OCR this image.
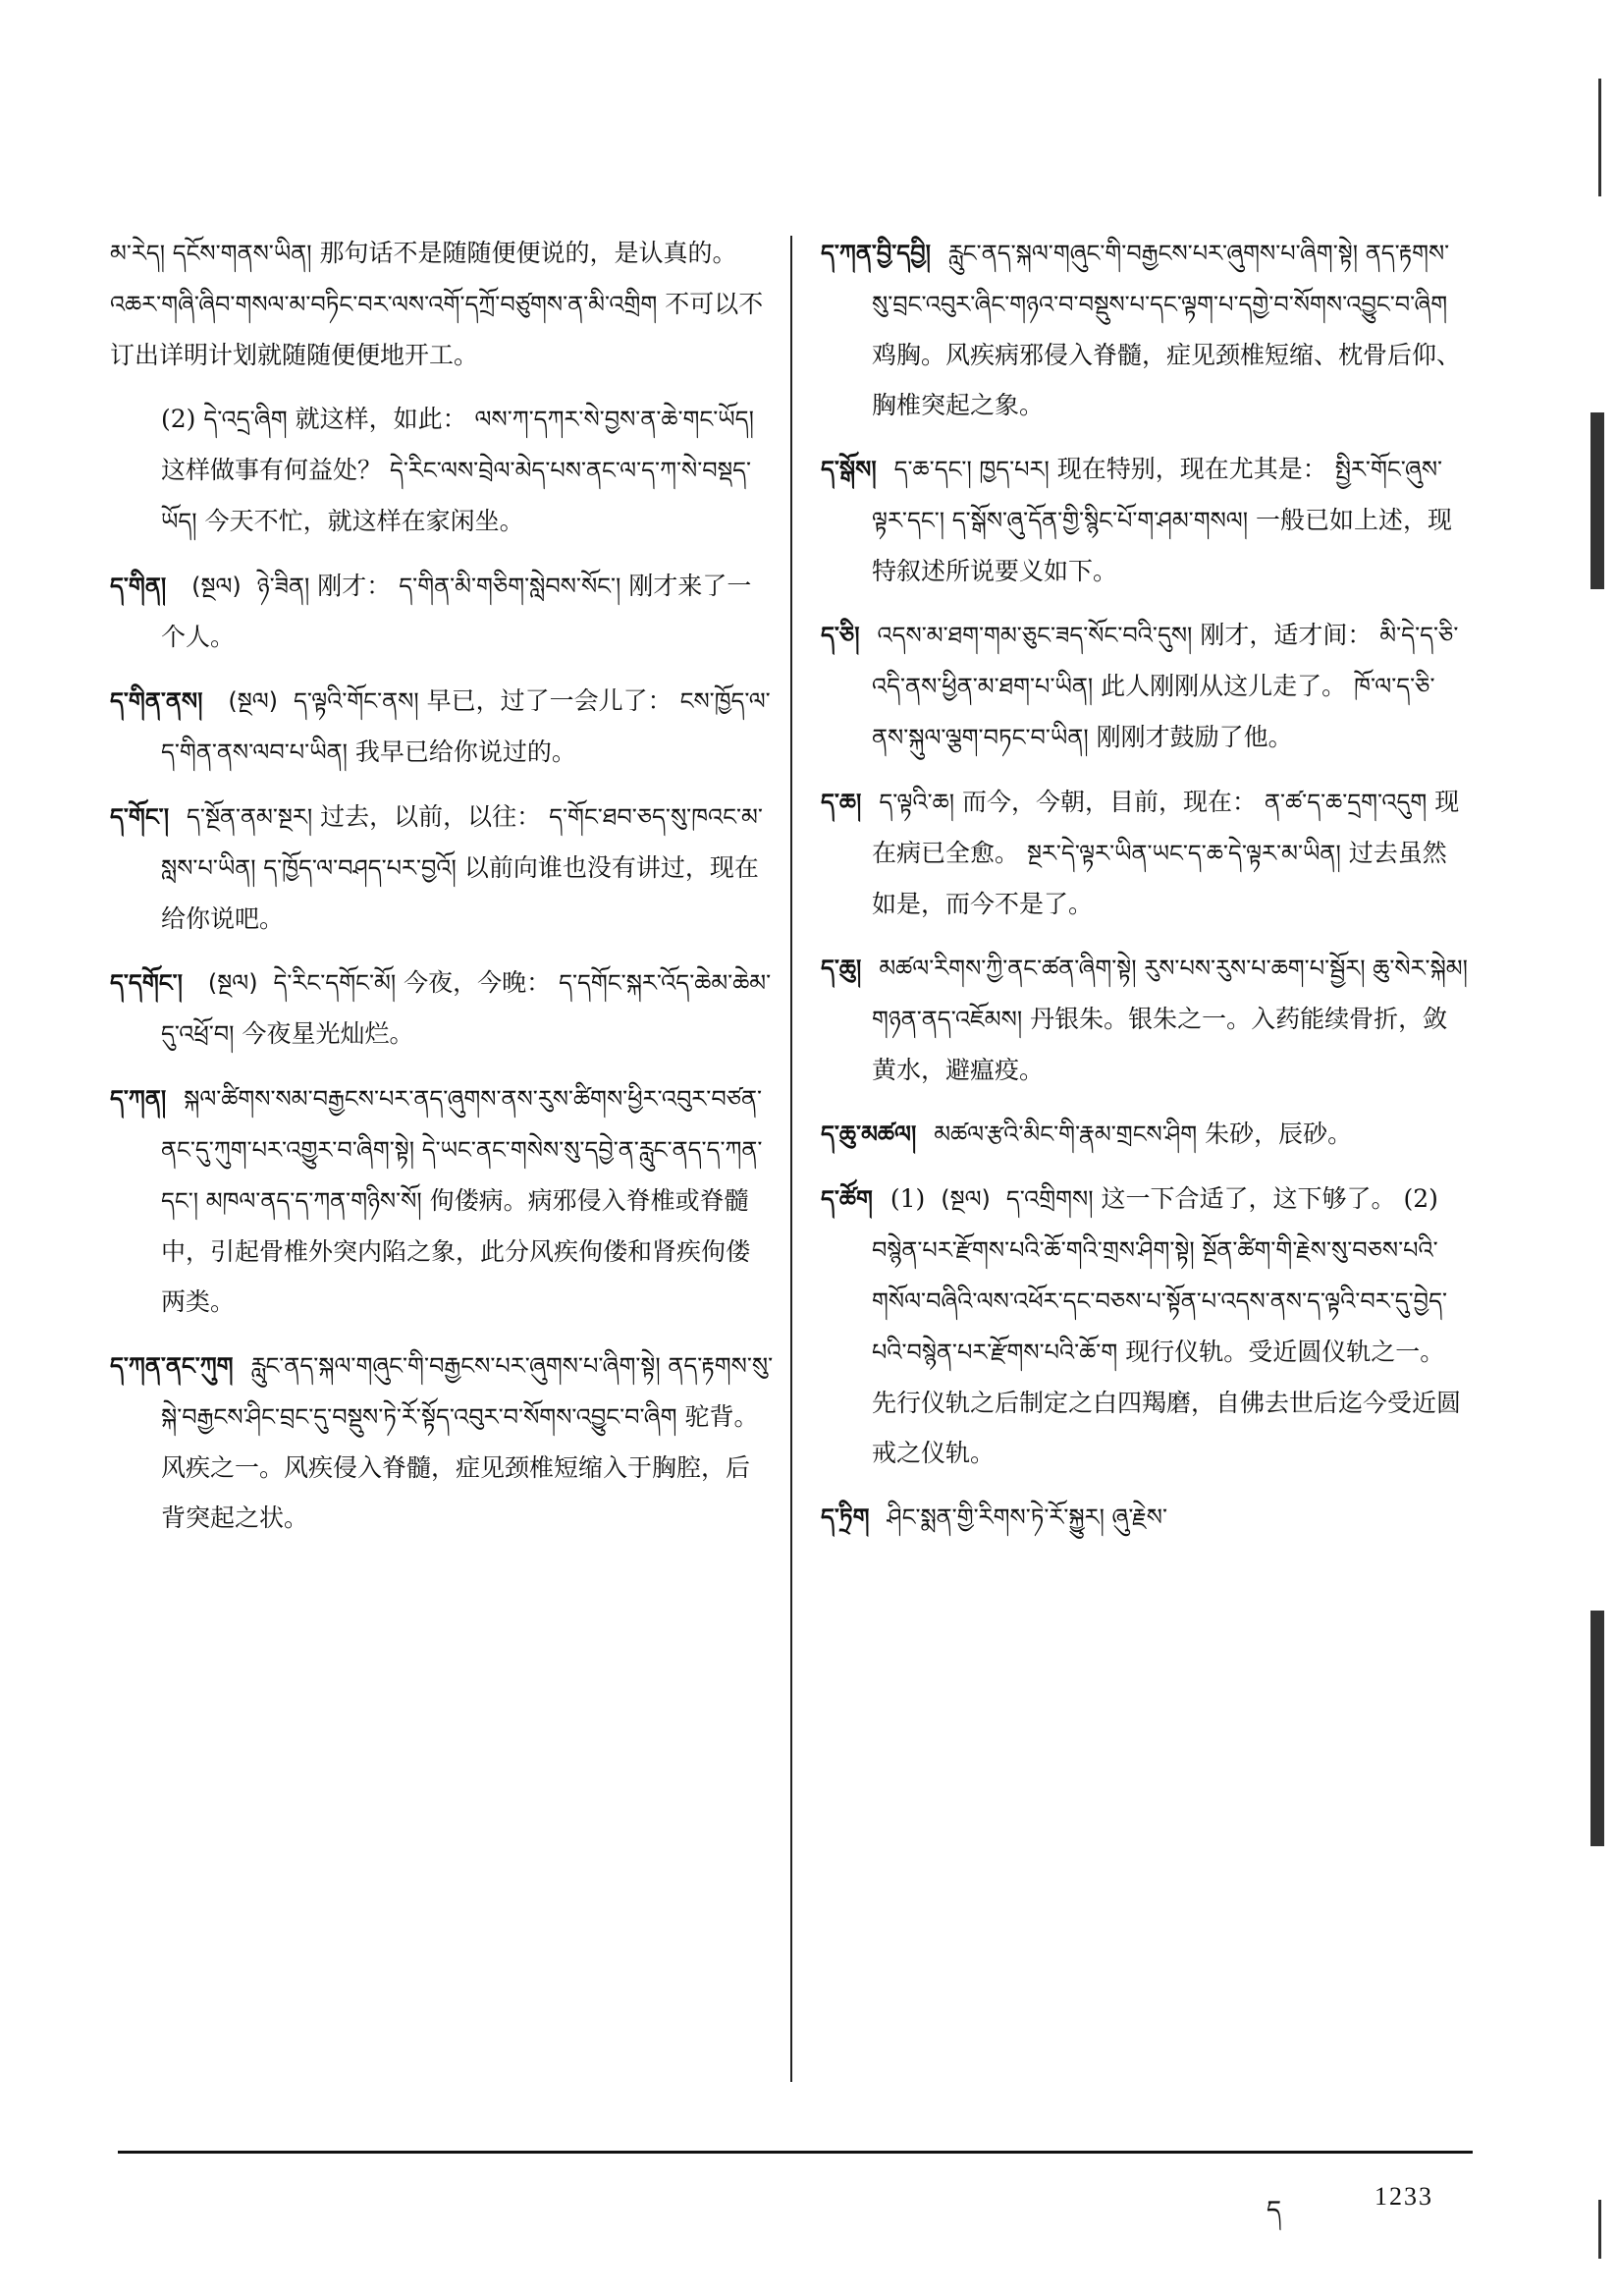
མ་རེད། དངོས་གནས་ཡིན། 那句话不是随随便便说的，是认真的。 འཆར་གཞི་ཞིབ་གསལ་མ་བཏིང་བར་ལས་འགོ་དཀྲོ་བཙུགས་ན་མི་འགྲིག 不可以不订出详明计划就随随便便地开工。
(2) དེ་འདྲ་ཞིག 就这样，如此： ལས་ཀ་དཀར་སེ་བྱས་ན་ཆེ་གང་ཡོད། 这样做事有何益处？ དེ་རིང་ལས་བྲེལ་མེད་པས་ནང་ལ་ད་ཀ་སེ་བསྡད་ཡོད། 今天不忙，就这样在家闲坐。

ད་གིན། (སྔལ) ཉེ་ཟིན། 刚才： ད་གིན་མི་གཅིག་སླེབས་སོང་། 刚才来了一个人。

ད་གིན་ནས། (སྔལ) ད་ལྟའི་གོང་ནས། 早已，过了一会儿了： ངས་ཁྱོད་ལ་ད་གིན་ནས་ལབ་པ་ཡིན། 我早已给你说过的。

ད་གོང་། ད་སྔོན་ནམ་སྔར། 过去，以前，以往： ད་གོང་ཐབ་ཅད་སུ་ཁའང་མ་སླས་པ་ཡིན། ད་ཁྱོད་ལ་བཤད་པར་བྱའོ། 以前向谁也没有讲过，现在给你说吧。

ད་དགོང་། (སྔལ) དེ་རིང་དགོང་མོ། 今夜，今晚： ད་དགོང་སྐར་འོད་ཆེམ་ཆེམ་དུ་འཕྲོ་བ། 今夜星光灿烂。

ད་ཀན། སྐལ་ཚིགས་སམ་བརྒྱངས་པར་ནད་ཞུགས་ནས་རུས་ཚིགས་ཕྱིར་འབུར་བཙན་ནང་དུ་ཀུག་པར་འགྱུར་བ་ཞིག་སྟེ། དེ་ཡང་ནང་གསེས་སུ་དབྱེ་ན་རླུང་ནད་ད་ཀན་དང་། མཁལ་ནད་ད་ཀན་གཉིས་སོ། 佝偻病。病邪侵入脊椎或脊髓中，引起骨椎外突内陷之象，此分风疾佝偻和肾疾佝偻两类。

ད་ཀན་ནང་ཀུག རླུང་ནད་སྐལ་གཞུང་གི་བརྒྱངས་པར་ཞུགས་པ་ཞིག་སྟེ། ནད་རྟགས་སུ་སྐེ་བརྒྱངས་ཤིང་བྲང་དུ་བསྡུས་ཏེ་རོ་སྟོད་འབུར་བ་སོགས་འབྱུང་བ་ཞིག 驼背。风疾之一。风疾侵入脊髓，症见颈椎短缩入于胸腔，后背突起之状。

ད་ཀན་བྱི་དབྱི། རླུང་ནད་སྐལ་གཞུང་གི་བརྒྱངས་པར་ཞུགས་པ་ཞིག་སྟེ། ནད་རྟགས་སུ་བྲང་འབུར་ཞིང་གཉའ་བ་བསྡུས་པ་དང་ལྟག་པ་དགྱེ་བ་སོགས་འབྱུང་བ་ཞིག 鸡胸。风疾病邪侵入脊髓，症见颈椎短缩、枕骨后仰、胸椎突起之象。

ད་སྒོས། ད་ཆ་དང་། ཁྱད་པར། 现在特别，现在尤其是： སྤྱིར་གོང་ཞུས་ལྟར་དང་། ད་སྒོས་ཞུ་དོན་གྱི་སྙིང་པོ་ག་ཤམ་གསལ། 一般已如上述，现特叙述所说要义如下。

ད་ཅི། འདས་མ་ཐག་གམ་ཅུང་ཟད་སོང་བའི་དུས། 刚才，适才间： མི་དེ་ད་ཅི་འདི་ནས་ཕྱིན་མ་ཐག་པ་ཡིན། 此人刚刚从这儿走了。 ཁོ་ལ་ད་ཅི་ནས་སྐུལ་ལྕག་བཏང་བ་ཡིན། 刚刚才鼓励了他。

ད་ཆ། ད་ལྟའི་ཆ། 而今，今朝，目前，现在： ན་ཚ་ད་ཆ་དྲག་འདུག 现在病已全愈。 སྔར་དེ་ལྟར་ཡིན་ཡང་ད་ཆ་དེ་ལྟར་མ་ཡིན། 过去虽然如是，而今不是了。

ད་ཆུ། མཚལ་རིགས་ཀྱི་ནང་ཚན་ཞིག་སྟེ། རུས་པས་རུས་པ་ཆག་པ་སྦྱོར། ཆུ་སེར་སྐེམ། གཉན་ནད་འཇོམས། 丹银朱。银朱之一。入药能续骨折，敛黄水，避瘟疫。

ད་ཆུ་མཚལ། མཚལ་རྩའི་མིང་གི་རྣམ་གྲངས་ཤིག 朱砂，辰砂。

ད་ཚོག (1) (སྔལ) ད་འགྲིགས། 这一下合适了，这下够了。 (2) བསྙེན་པར་རྫོགས་པའི་ཆོ་གའི་གྲས་ཤིག་སྟེ། སྔོན་ཚིག་གི་རྗེས་སུ་བཅས་པའི་གསོལ་བཞིའི་ལས་འཕོར་དང་བཅས་པ་སྟོན་པ་འདས་ནས་ད་ལྟའི་བར་དུ་བྱེད་པའི་བསྙེན་པར་རྫོགས་པའི་ཆོ་ག 现行仪轨。受近圆仪轨之一。先行仪轨之后制定之白四羯磨，自佛去世后迄今受近圆戒之仪轨。

ད་ཏྲིག ཤིང་སྨན་གྱི་རིགས་ཏེ་རོ་སྐྱུར། ཞུ་རྗེས་

ད	1233
